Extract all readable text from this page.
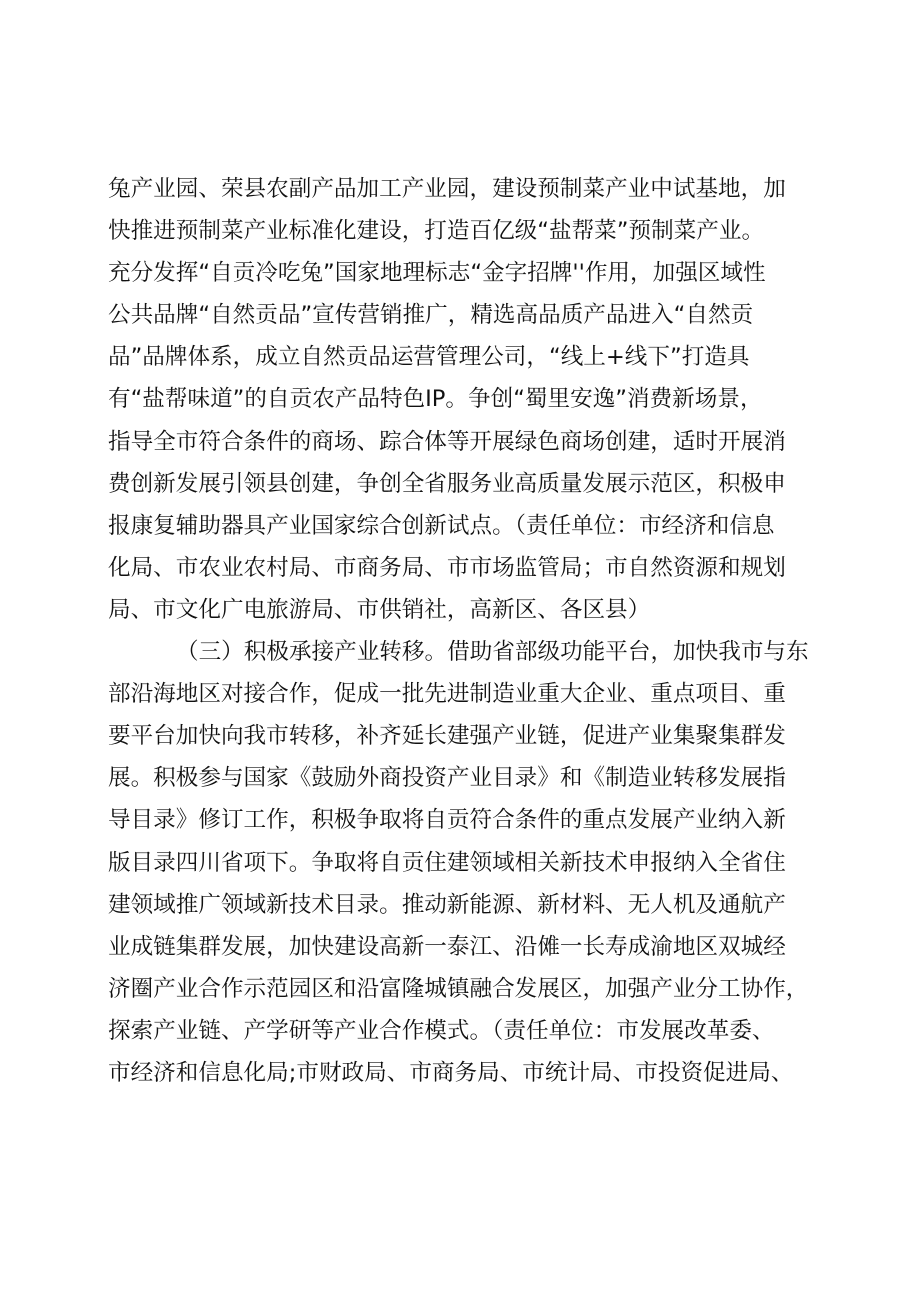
兔产业园、荣县农副产品加工产业园，建设预制菜产业中试基地，加
快推进预制菜产业标准化建设，打造百亿级“盐帮菜”预制菜产业。
充分发挥“自贡冷吃兔”国家地理标志“金字招牌''作用，加强区域性
公共品牌“自然贡品”宣传营销推广，精选高品质产品进入“自然贡
品”品牌体系，成立自然贡品运营管理公司，“线上+线下”打造具
有“盐帮味道”的自贡农产品特色IP。争创“蜀里安逸”消费新场景，
指导全市符合条件的商场、踪合体等开展绿色商场创建，适时开展消
费创新发展引领县创建，争创全省服务业高质量发展示范区，积极申
报康复辅助器具产业国家综合创新试点。（责任单位：市经济和信息
化局、市农业农村局、市商务局、市市场监管局；市自然资源和规划
局、市文化广电旅游局、市供销社，高新区、各区县）
（三）积极承接产业转移。借助省部级功能平台，加快我市与东
部沿海地区对接合作，促成一批先进制造业重大企业、重点项目、重
要平台加快向我市转移，补齐延长建强产业链，促进产业集聚集群发
展。积极参与国家《鼓励外商投资产业目录》和《制造业转移发展指
导目录》修订工作，积极争取将自贡符合条件的重点发展产业纳入新
版目录四川省项下。争取将自贡住建领域相关新技术申报纳入全省住
建领域推广领域新技术目录。推动新能源、新材料、无人机及通航产
业成链集群发展，加快建设高新一泰江、沿傩一长寿成渝地区双城经
济圈产业合作示范园区和沿富隆城镇融合发展区，加强产业分工协作，
探索产业链、产学研等产业合作模式。（责任单位：市发展改革委、
市经济和信息化局;市财政局、市商务局、市统计局、市投资促进局、
